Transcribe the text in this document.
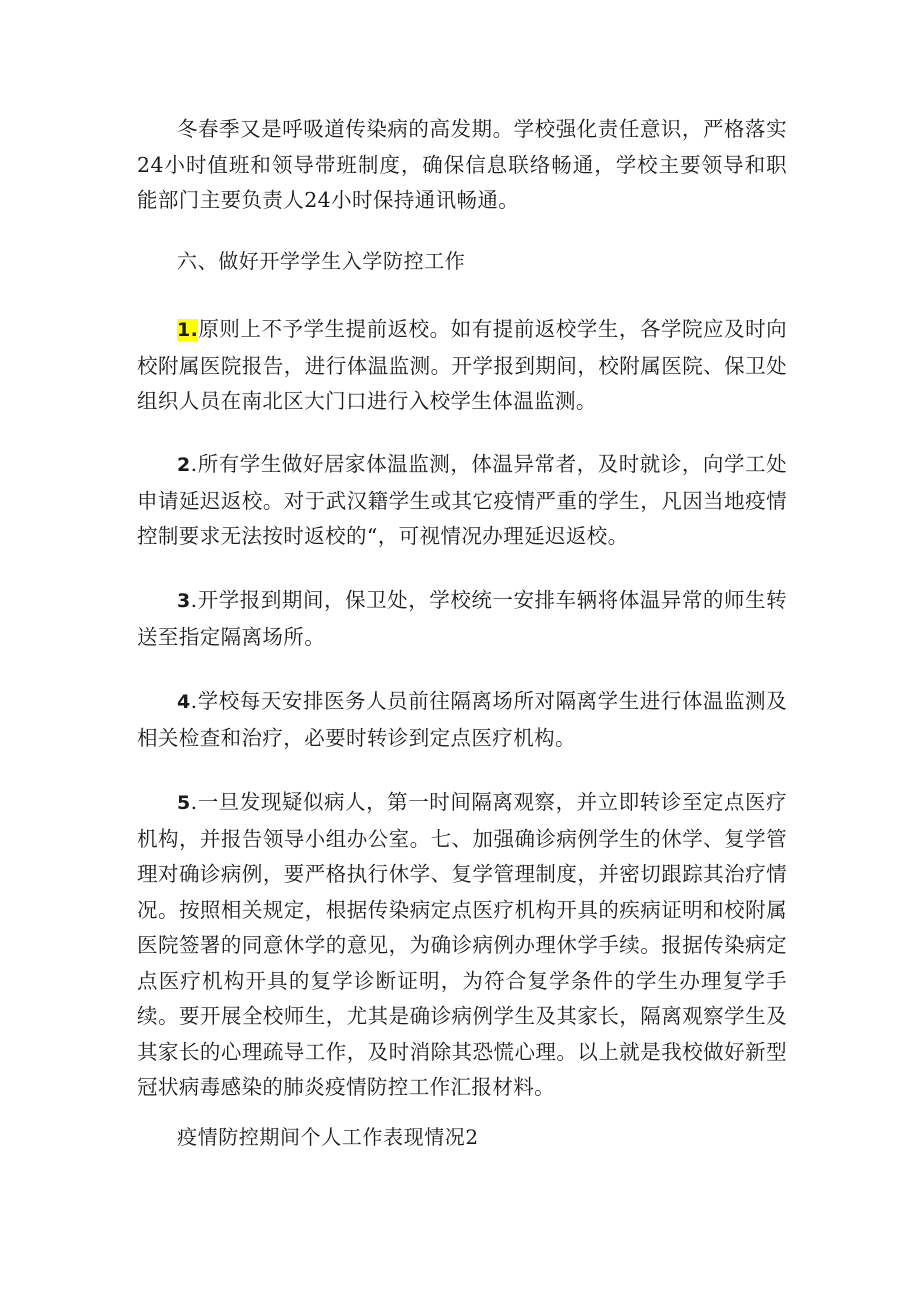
冬春季又是呼吸道传染病的高发期。学校强化责任意识，严格落实24小时值班和领导带班制度，确保信息联络畅通，学校主要领导和职能部门主要负责人24小时保持通讯畅通。

六、做好开学学生入学防控工作

1.原则上不予学生提前返校。如有提前返校学生，各学院应及时向校附属医院报告，进行体温监测。开学报到期间，校附属医院、保卫处组织人员在南北区大门口进行入校学生体温监测。

2.所有学生做好居家体温监测，体温异常者，及时就诊，向学工处申请延迟返校。对于武汉籍学生或其它疫情严重的学生，凡因当地疫情控制要求无法按时返校的“，可视情况办理延迟返校。

3.开学报到期间，保卫处，学校统一安排车辆将体温异常的师生转送至指定隔离场所。

4.学校每天安排医务人员前往隔离场所对隔离学生进行体温监测及相关检查和治疗，必要时转诊到定点医疗机构。

5.一旦发现疑似病人，第一时间隔离观察，并立即转诊至定点医疗机构，并报告领导小组办公室。七、加强确诊病例学生的休学、复学管理对确诊病例，要严格执行休学、复学管理制度，并密切跟踪其治疗情况。按照相关规定，根据传染病定点医疗机构开具的疾病证明和校附属医院签署的同意休学的意见，为确诊病例办理休学手续。报据传染病定点医疗机构开具的复学诊断证明，为符合复学条件的学生办理复学手续。要开展全校师生，尤其是确诊病例学生及其家长，隔离观察学生及其家长的心理疏导工作，及时消除其恐慌心理。以上就是我校做好新型冠状病毒感染的肺炎疫情防控工作汇报材料。

疫情防控期间个人工作表现情况2
